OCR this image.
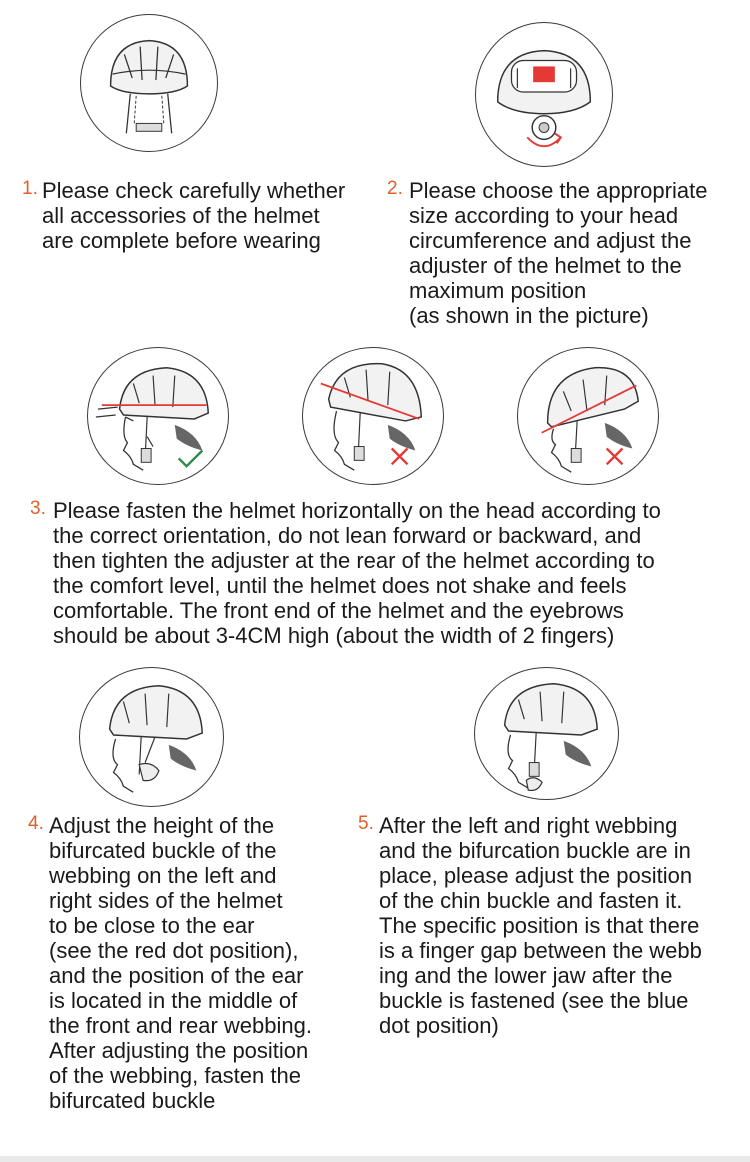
1. Please check carefully whether
all accessories of the helmet
are complete before wearing
2. Please choose the appropriate
size according to your head
circumference and adjust the
adjuster of the helmet to the
maximum position
(as shown in the picture)
3. Please fasten the helmet horizontally on the head according to
the correct orientation, do not lean forward or backward, and
then tighten the adjuster at the rear of the helmet according to
the comfort level, until the helmet does not shake and feels
comfortable. The front end of the helmet and the eyebrows
should be about 3-4CM high (about the width of 2 fingers)
4. Adjust the height of the
bifurcated buckle of the
webbing on the left and
right sides of the helmet
to be close to the ear
(see the red dot position),
and the position of the ear
is located in the middle of
the front and rear webbing.
After adjusting the position
of the webbing, fasten the
bifurcated buckle
5. After the left and right webbing
and the bifurcation buckle are in
place, please adjust the position
of the chin buckle and fasten it.
The specific position is that there
is a finger gap between the webb
ing and the lower jaw after the
buckle is fastened (see the blue
dot position)
